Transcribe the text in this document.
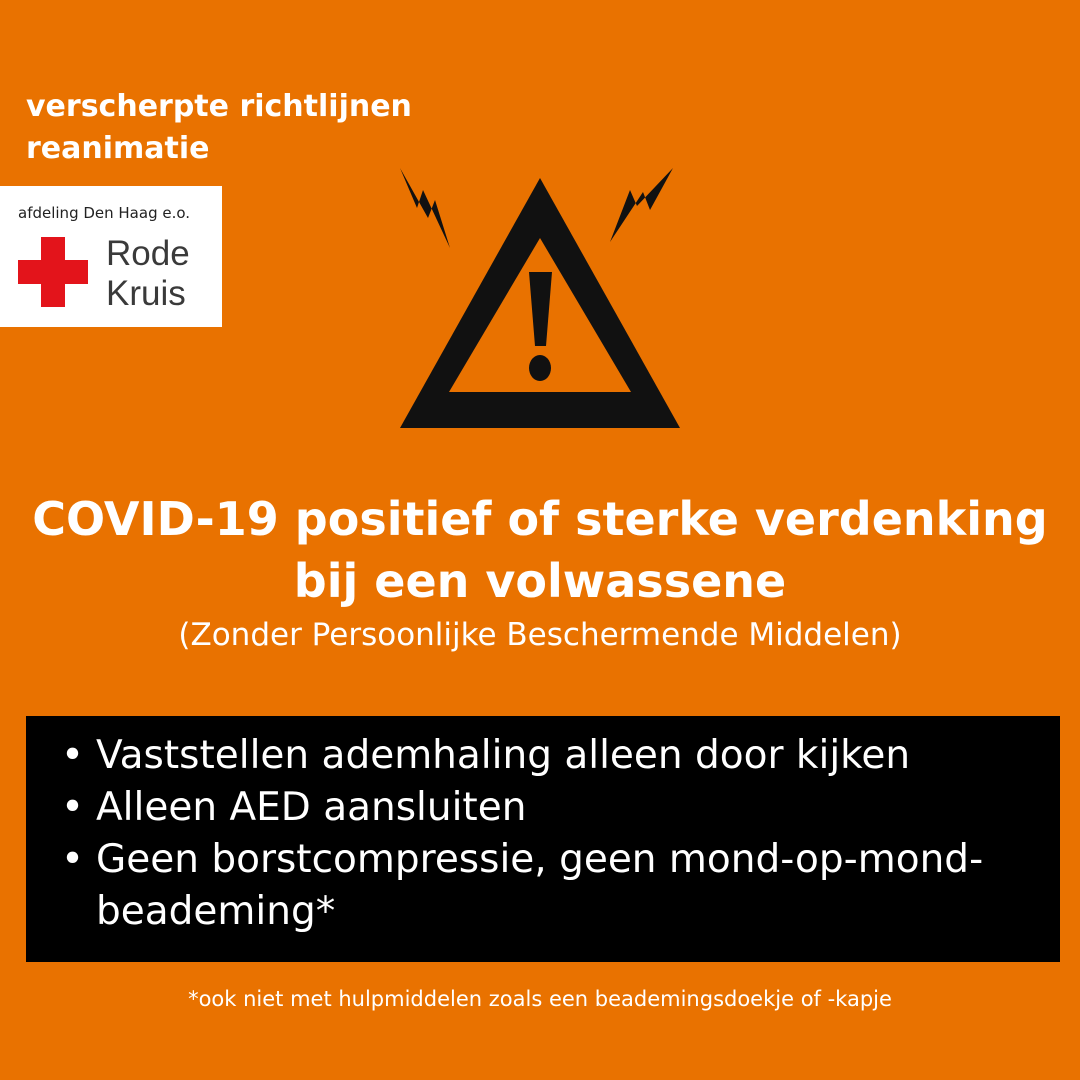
verscherpte richtlijnen
reanimatie
afdeling Den Haag e.o.
Rode
Kruis
COVID-19 positief of sterke verdenking
bij een volwassene
(Zonder Persoonlijke Beschermende Middelen)
• Vaststellen ademhaling alleen door kijken
• Alleen AED aansluiten
• Geen borstcompressie, geen mond-op-mond-beademing*
*ook niet met hulpmiddelen zoals een beademingsdoekje of -kapje
